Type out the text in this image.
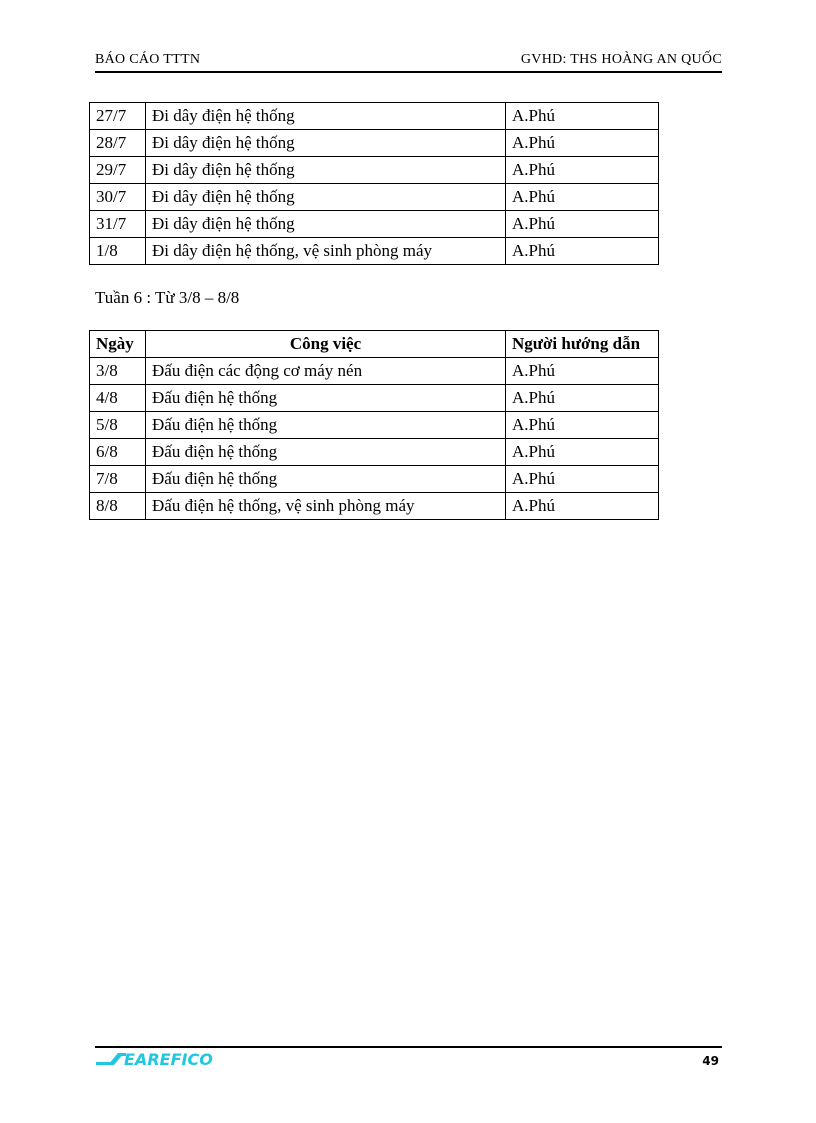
BÁO CÁO TTTN	GVHD: THS HOÀNG AN QUỐC
27/7	Đi dây điện hệ thống	A.Phú
28/7	Đi dây điện hệ thống	A.Phú
29/7	Đi dây điện hệ thống	A.Phú
30/7	Đi dây điện hệ thống	A.Phú
31/7	Đi dây điện hệ thống	A.Phú
1/8	Đi dây điện hệ thống, vệ sinh phòng máy	A.Phú
Tuần 6 : Từ 3/8 – 8/8
Ngày	Công việc	Người hướng dẫn
3/8	Đấu điện các động cơ máy nén	A.Phú
4/8	Đấu điện hệ thống	A.Phú
5/8	Đấu điện hệ thống	A.Phú
6/8	Đấu điện hệ thống	A.Phú
7/8	Đấu điện hệ thống	A.Phú
8/8	Đấu điện hệ thống, vệ sinh phòng máy	A.Phú
EAREFICO	49
